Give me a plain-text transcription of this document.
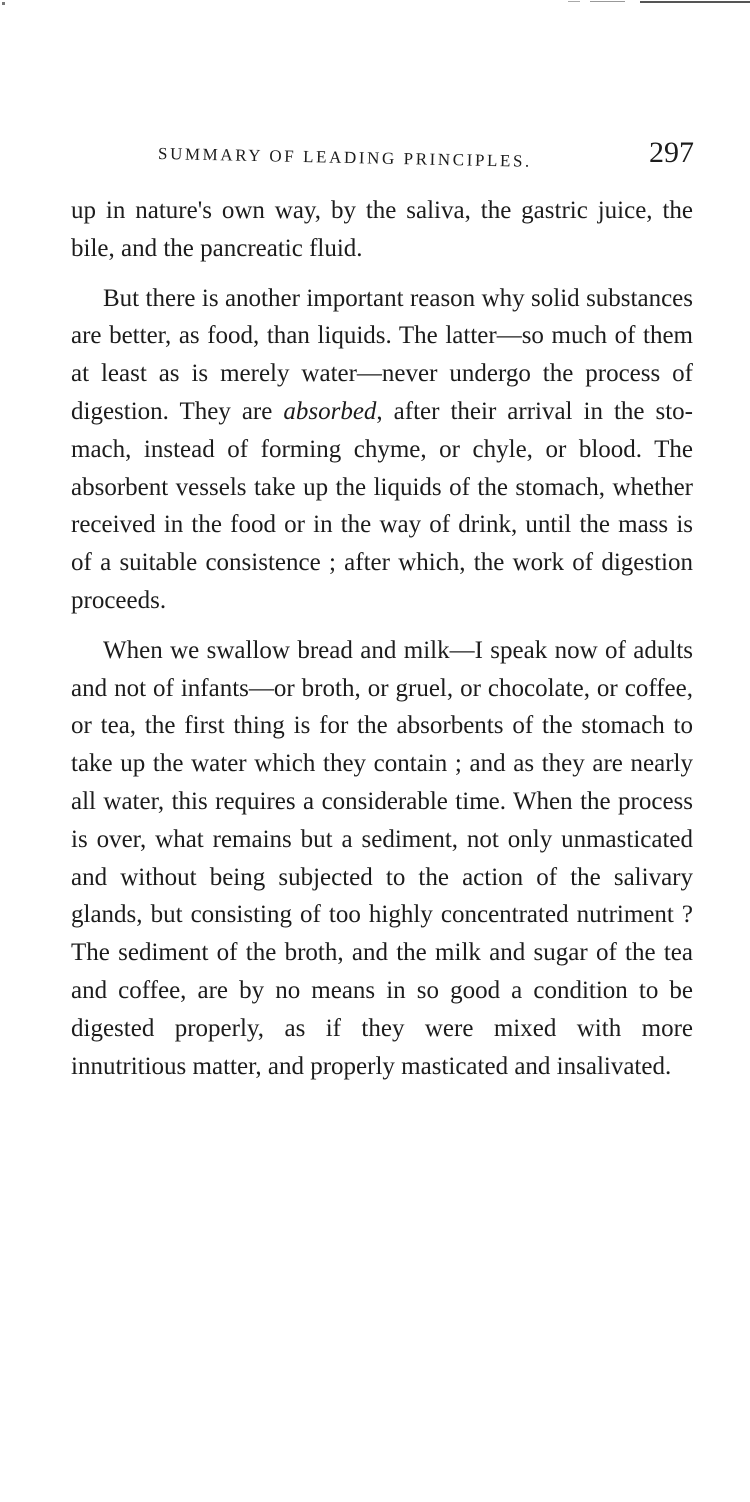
SUMMARY OF LEADING PRINCIPLES.	297

up in nature's own way, by the saliva, the gastric juice, the bile, and the pancreatic fluid.

But there is another important reason why solid substances are better, as food, than liquids. The latter—so much of them at least as is merely water—never undergo the process of digestion. They are absorbed, after their arrival in the stomach, instead of forming chyme, or chyle, or blood. The absorbent vessels take up the liquids of the stomach, whether received in the food or in the way of drink, until the mass is of a suitable consistence ; after which, the work of digestion proceeds.

When we swallow bread and milk—I speak now of adults and not of infants—or broth, or gruel, or chocolate, or coffee, or tea, the first thing is for the absorbents of the stomach to take up the water which they contain ; and as they are nearly all water, this requires a considerable time. When the process is over, what remains but a sediment, not only unmasticated and without being subjected to the action of the salivary glands, but consisting of too highly concentrated nutriment ? The sediment of the broth, and the milk and sugar of the tea and coffee, are by no means in so good a condition to be digested properly, as if they were mixed with more innutritious matter, and properly masticated and insalivated.
